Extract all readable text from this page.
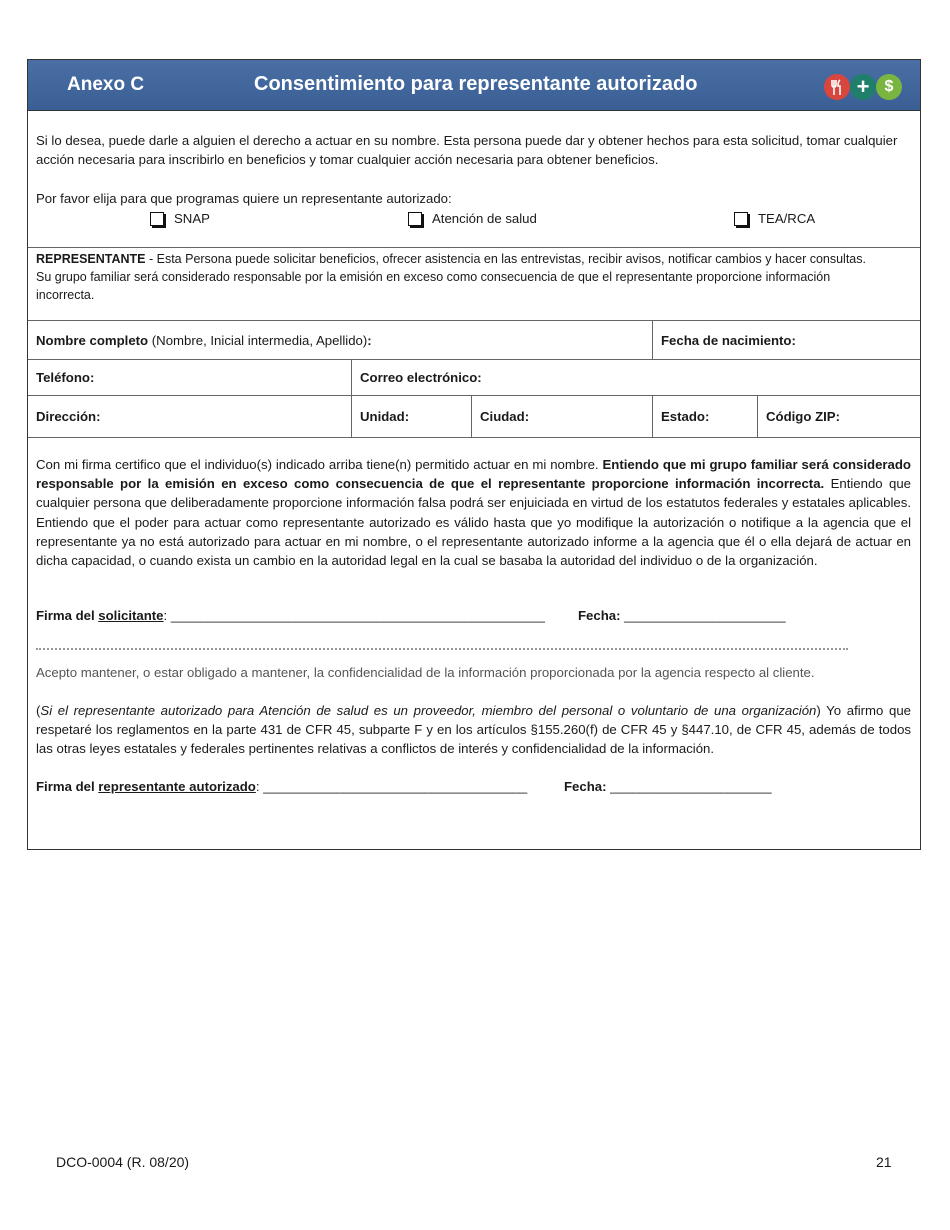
Anexo C	Consentimiento para representante autorizado	+ $
Si lo desea, puede darle a alguien el derecho a actuar en su nombre. Esta persona puede dar y obtener hechos para esta solicitud, tomar cualquier acción necesaria para inscribirlo en beneficios y tomar cualquier acción necesaria para obtener beneficios.
Por favor elija para que programas quiere un representante autorizado:
SNAP	Atención de salud	TEA/RCA

REPRESENTANTE - Esta Persona puede solicitar beneficios, ofrecer asistencia en las entrevistas, recibir avisos, notificar cambios y hacer consultas. Su grupo familiar será considerado responsable por la emisión en exceso como consecuencia de que el representante proporcione información incorrecta.

Nombre completo (Nombre, Inicial intermedia, Apellido):	Fecha de nacimiento:
Teléfono:	Correo electrónico:
Dirección:	Unidad:	Ciudad:	Estado:	Código ZIP:

Con mi firma certifico que el individuo(s) indicado arriba tiene(n) permitido actuar en mi nombre. Entiendo que mi grupo familiar será considerado responsable por la emisión en exceso como consecuencia de que el representante proporcione información incorrecta. Entiendo que cualquier persona que deliberadamente proporcione información falsa podrá ser enjuiciada en virtud de los estatutos federales y estatales aplicables. Entiendo que el poder para actuar como representante autorizado es válido hasta que yo modifique la autorización o notifique a la agencia que el representante ya no está autorizado para actuar en mi nombre, o el representante autorizado informe a la agencia que él o ella dejará de actuar en dicha capacidad, o cuando exista un cambio en la autoridad legal en la cual se basaba la autoridad del individuo o de la organización.

Firma del solicitante: ___________________________________________________	Fecha: ______________________
Acepto mantener, o estar obligado a mantener, la confidencialidad de la información proporcionada por la agencia respecto al cliente.

(Si el representante autorizado para Atención de salud es un proveedor, miembro del personal o voluntario de una organización) Yo afirmo que respetaré los reglamentos en la parte 431 de CFR 45, subparte F y en los artículos §155.260(f) de CFR 45 y §447.10, de CFR 45, además de todos las otras leyes estatales y federales pertinentes relativas a conflictos de interés y confidencialidad de la información.

Firma del representante autorizado: ____________________________________	Fecha: ______________________
DCO-0004 (R. 08/20)	21
